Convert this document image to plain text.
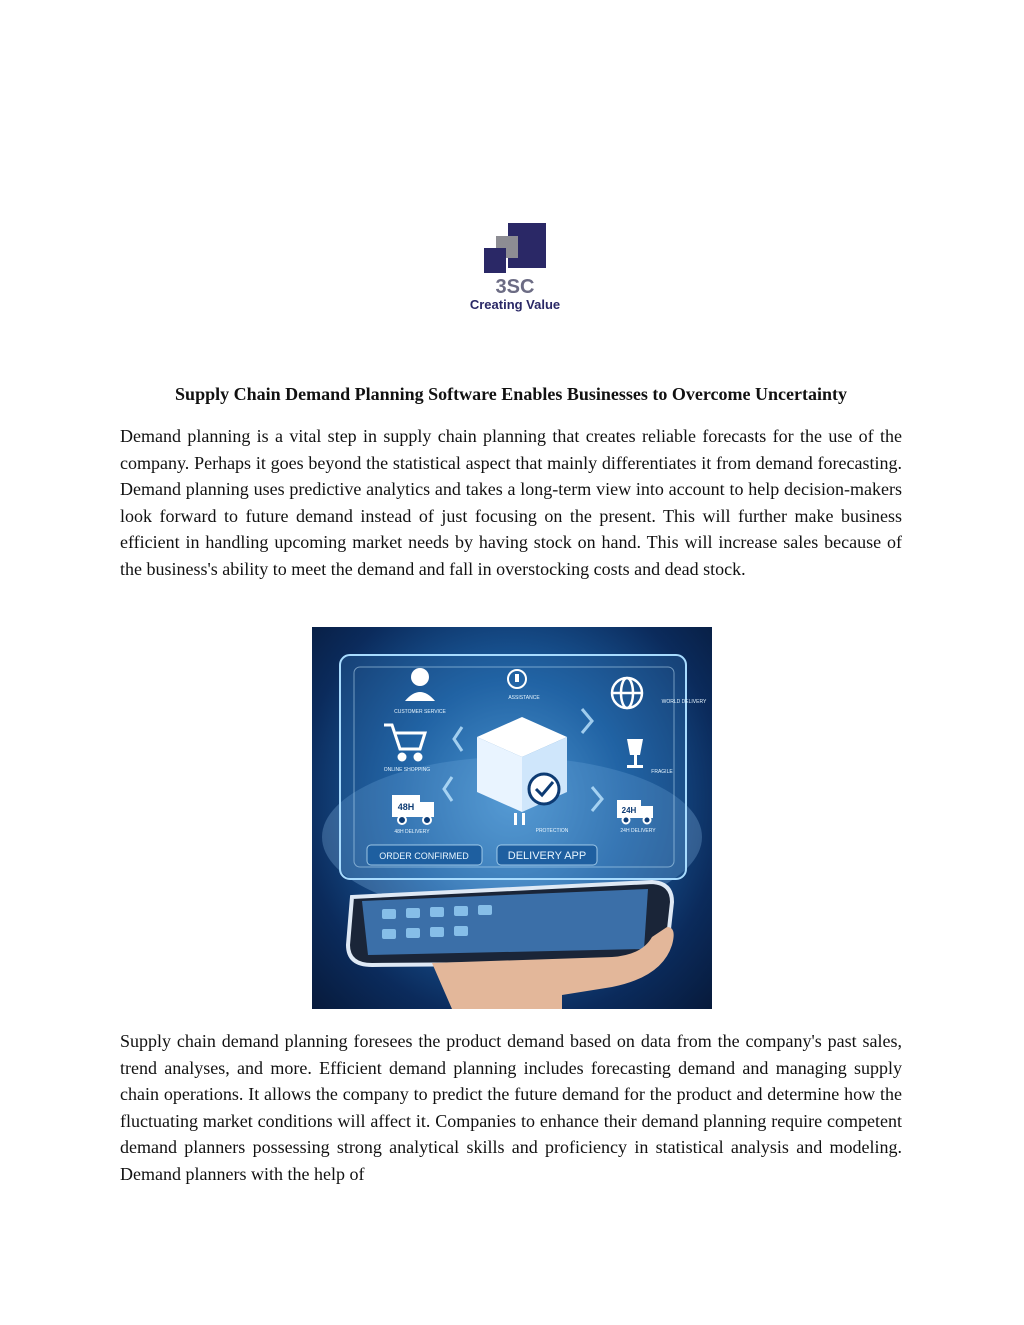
3SC
Creating Value
Supply Chain Demand Planning Software Enables Businesses to Overcome Uncertainty

Demand planning is a vital step in supply chain planning that creates reliable forecasts for the use of the company. Perhaps it goes beyond the statistical aspect that mainly differentiates it from demand forecasting. Demand planning uses predictive analytics and takes a long-term view into account to help decision-makers look forward to future demand instead of just focusing on the present. This will further make business efficient in handling upcoming market needs by having stock on hand. This will increase sales because of the business's ability to meet the demand and fall in overstocking costs and dead stock.

ORDER CONFIRMED	DELIVERY APP
CUSTOMER SERVICE
ASSISTANCE
ONLINE SHOPPING
WORLD DELIVERY
FRAGILE
48H
48H DELIVERY
24H
24H DELIVERY
PROTECTION

Supply chain demand planning foresees the product demand based on data from the company's past sales, trend analyses, and more. Efficient demand planning includes forecasting demand and managing supply chain operations. It allows the company to predict the future demand for the product and determine how the fluctuating market conditions will affect it. Companies to enhance their demand planning require competent demand planners possessing strong analytical skills and proficiency in statistical analysis and modeling. Demand planners with the help of
